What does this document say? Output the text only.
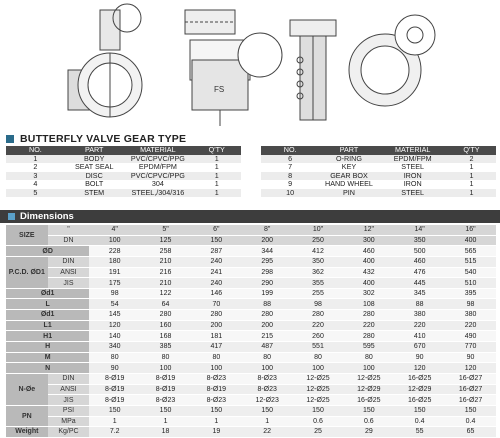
FS
BUTTERFLY VALVE GEAR TYPE
NO.	PART	MATERIAL	Q'TY		NO.	PART	MATERIAL	Q'TY
1	BODY	PVC/CPVC/PPG	1		6	O-RING	EPDM/FPM	2
2	SEAT SEAL	EPDM/FPM	1		7	KEY	STEEL	1
3	DISC	PVC/CPVC/PPG	1		8	GEAR BOX	IRON	1
4	BOLT	304	1		9	HAND WHEEL	IRON	1
5	STEM	STEEL,/304/316	1		10	PIN	STEEL	1
Dimensions
SIZE	"	4"	5"	6"	8"	10"	12"	14"	16"
	DN	100	125	150	200	250	300	350	400
ØD		228	258	287	344	412	460	500	565
P.C.D. ØD1	DIN	180	210	240	295	350	400	460	515
	ANSI	191	216	241	298	362	432	476	540
	JIS	175	210	240	290	355	400	445	510
Ød1		98	122	146	199	255	302	345	395
L		54	64	70	88	98	108	88	98
Ød1		145	280	280	280	280	280	380	380
L1		120	160	200	200	220	220	220	220
H1		140	168	181	215	260	280	410	490
H		340	385	417	487	551	595	670	770
M		80	80	80	80	80	80	90	90
N		90	100	100	100	100	100	120	120
N-Øe	DIN	8-Ø19	8-Ø19	8-Ø23	8-Ø23	12-Ø25	12-Ø25	16-Ø25	16-Ø27
	ANSI	8-Ø19	8-Ø19	8-Ø19	8-Ø23	12-Ø25	12-Ø29	12-Ø29	16-Ø27
	JIS	8-Ø19	8-Ø23	8-Ø23	12-Ø23	12-Ø25	16-Ø25	16-Ø25	16-Ø27
PN	PSI	150	150	150	150	150	150	150	150
	MPa	1	1	1	1	0.6	0.6	0.4	0.4
Weight	Kg/PC	7.2	18	19	22	25	29	55	65
